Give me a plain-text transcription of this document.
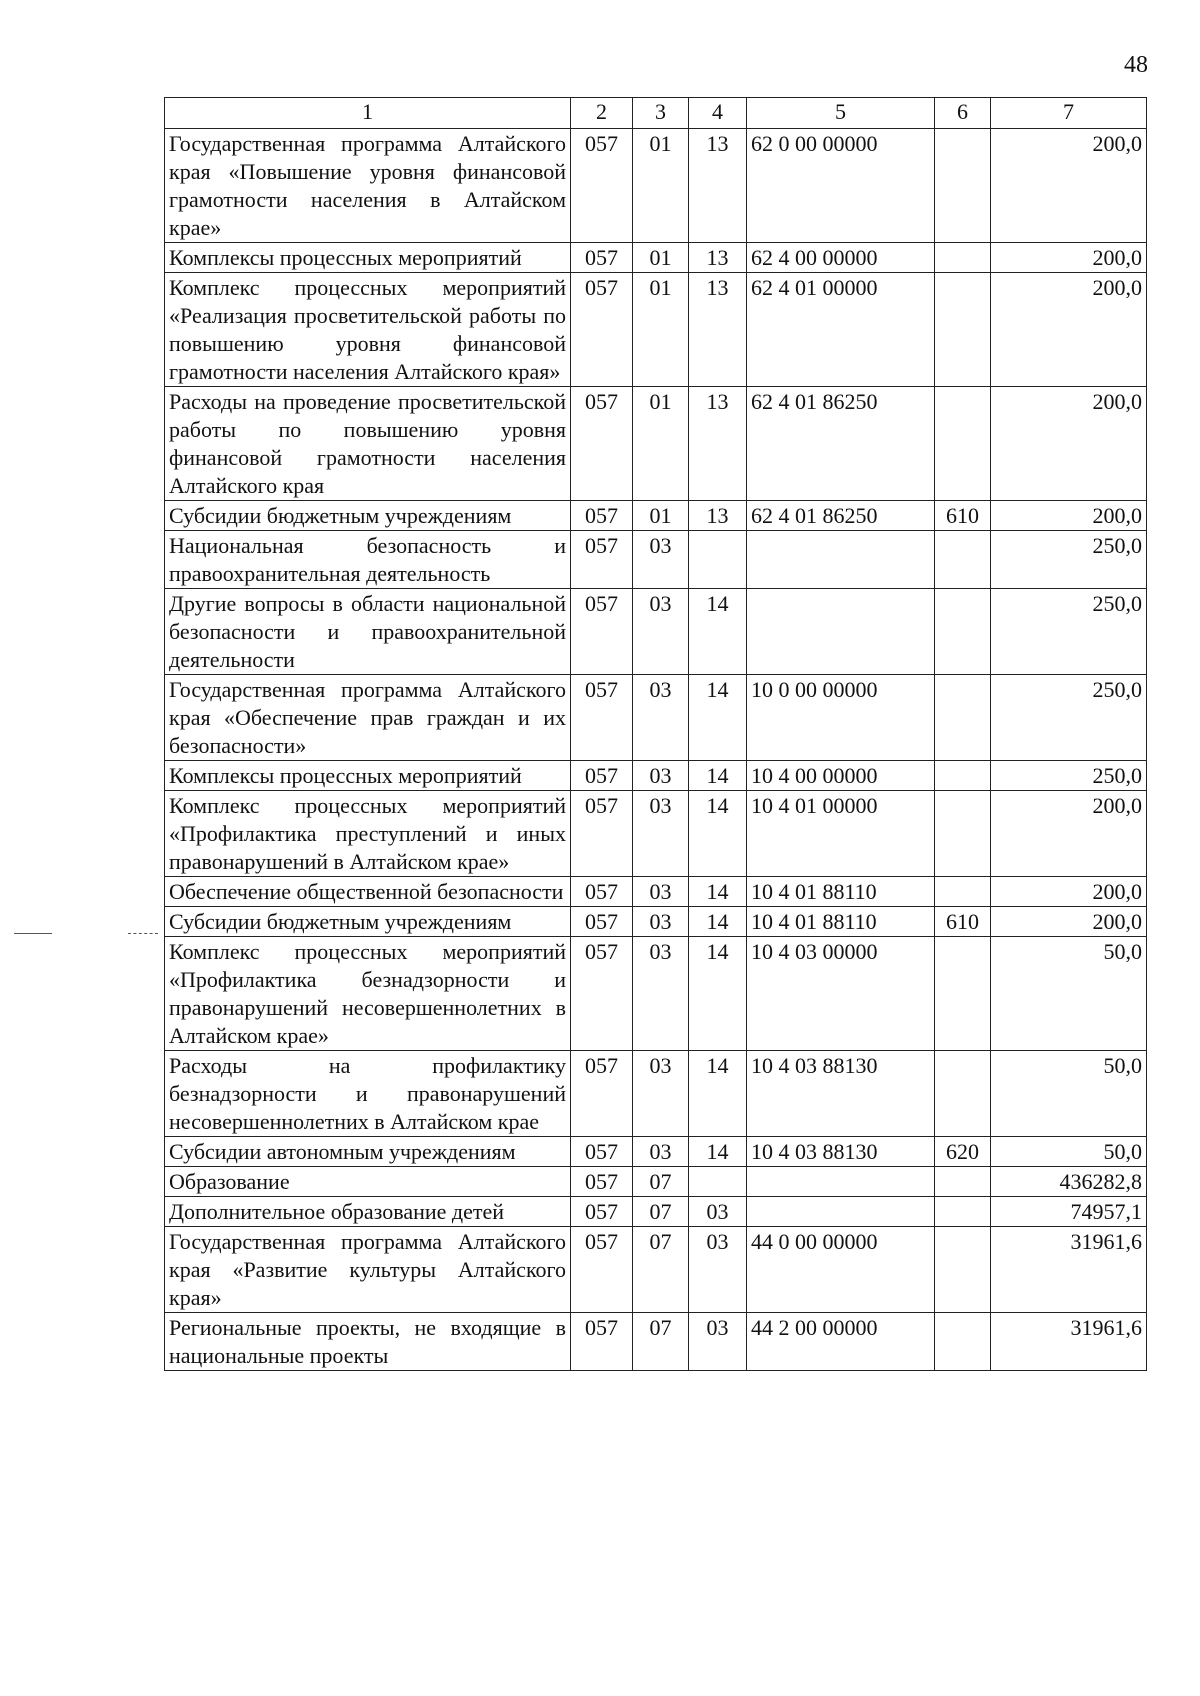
48
1	2	3	4	5	6	7
Государственная программа Алтайского края «Повышение уровня финансовой грамотности населения в Алтайском крае»	057	01	13	62 0 00 00000		200,0
Комплексы процессных мероприятий	057	01	13	62 4 00 00000		200,0
Комплекс процессных мероприятий «Реализация просветительской работы по повышению уровня финансовой грамотности населения Алтайского края»	057	01	13	62 4 01 00000		200,0
Расходы на проведение просветительской работы по повышению уровня финансовой грамотности населения Алтайского края	057	01	13	62 4 01 86250		200,0
Субсидии бюджетным учреждениям	057	01	13	62 4 01 86250	610	200,0
Национальная безопасность и правоохранительная деятельность	057	03				250,0
Другие вопросы в области национальной безопасности и правоохранительной деятельности	057	03	14			250,0
Государственная программа Алтайского края «Обеспечение прав граждан и их безопасности»	057	03	14	10 0 00 00000		250,0
Комплексы процессных мероприятий	057	03	14	10 4 00 00000		250,0
Комплекс процессных мероприятий «Профилактика преступлений и иных правонарушений в Алтайском крае»	057	03	14	10 4 01 00000		200,0
Обеспечение общественной безопасности	057	03	14	10 4 01 88110		200,0
Субсидии бюджетным учреждениям	057	03	14	10 4 01 88110	610	200,0
Комплекс процессных мероприятий «Профилактика безнадзорности и правонарушений несовершеннолетних в Алтайском крае»	057	03	14	10 4 03 00000		50,0
Расходы на профилактику безнадзорности и правонарушений несовершеннолетних в Алтайском крае	057	03	14	10 4 03 88130		50,0
Субсидии автономным учреждениям	057	03	14	10 4 03 88130	620	50,0
Образование	057	07				436282,8
Дополнительное образование детей	057	07	03			74957,1
Государственная программа Алтайского края «Развитие культуры Алтайского края»	057	07	03	44 0 00 00000		31961,6
Региональные проекты, не входящие в национальные проекты	057	07	03	44 2 00 00000		31961,6
